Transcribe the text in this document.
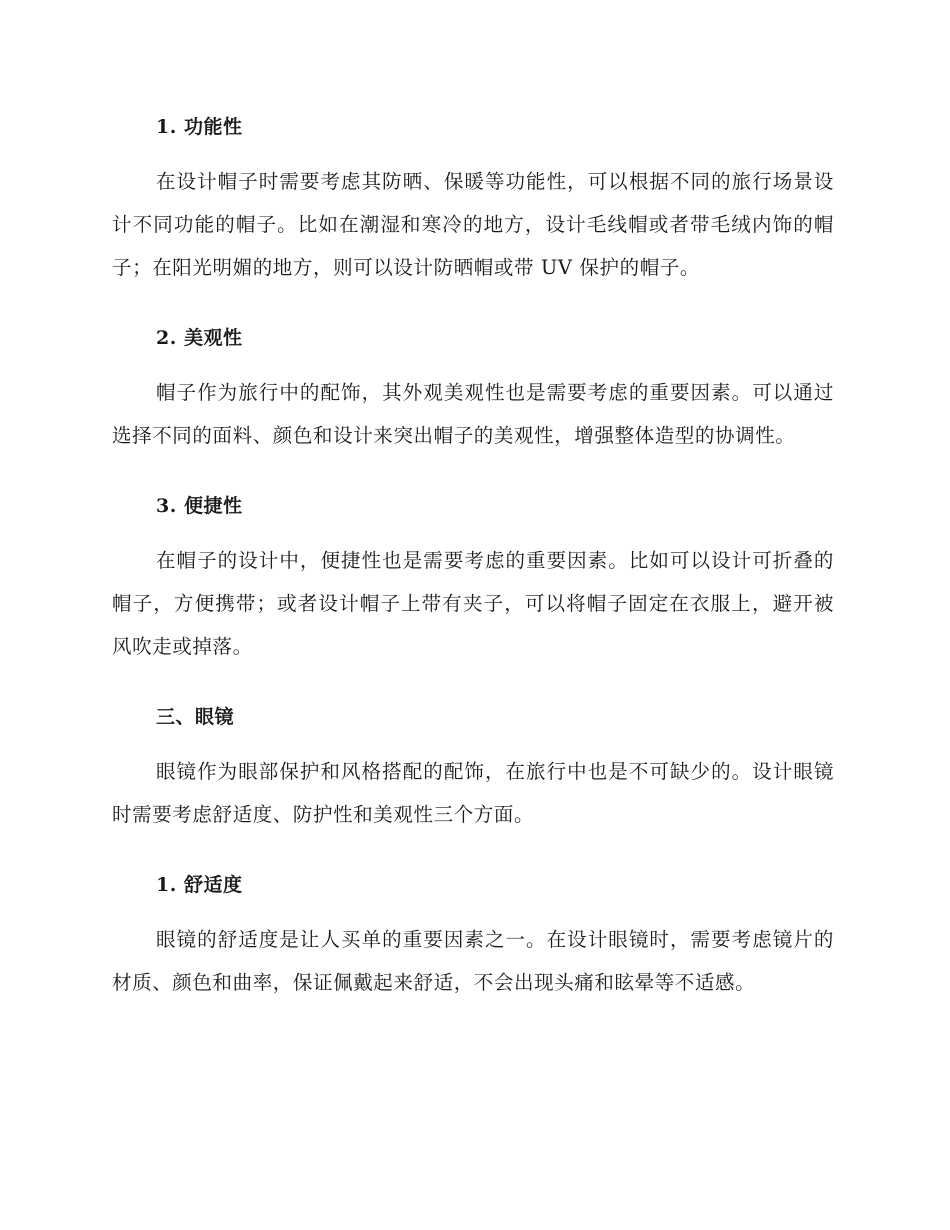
1. 功能性

在设计帽子时需要考虑其防晒、保暖等功能性，可以根据不同的旅行场景设计不同功能的帽子。比如在潮湿和寒冷的地方，设计毛线帽或者带毛绒内饰的帽子；在阳光明媚的地方，则可以设计防晒帽或带 UV 保护的帽子。

2. 美观性

帽子作为旅行中的配饰，其外观美观性也是需要考虑的重要因素。可以通过选择不同的面料、颜色和设计来突出帽子的美观性，增强整体造型的协调性。

3. 便捷性

在帽子的设计中，便捷性也是需要考虑的重要因素。比如可以设计可折叠的帽子，方便携带；或者设计帽子上带有夹子，可以将帽子固定在衣服上，避开被风吹走或掉落。

三、眼镜

眼镜作为眼部保护和风格搭配的配饰，在旅行中也是不可缺少的。设计眼镜时需要考虑舒适度、防护性和美观性三个方面。

1. 舒适度

眼镜的舒适度是让人买单的重要因素之一。在设计眼镜时，需要考虑镜片的材质、颜色和曲率，保证佩戴起来舒适，不会出现头痛和眩晕等不适感。
